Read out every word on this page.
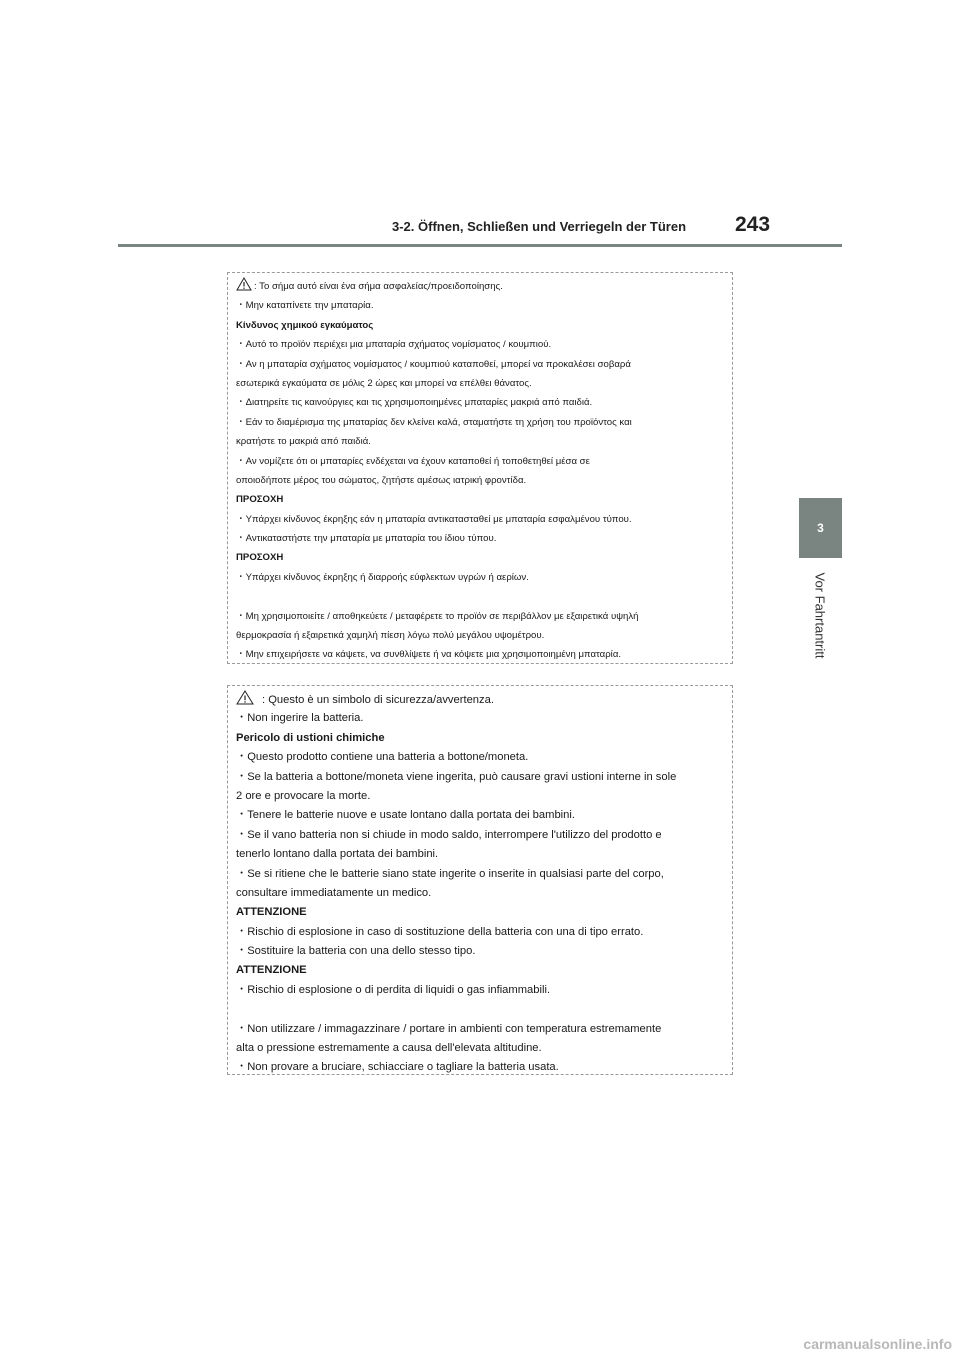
3-2. Öffnen, Schließen und Verriegeln der Türen 243
3
Vor Fahrtantritt
: Το σήμα αυτό είναι ένα σήμα ασφαλείας/προειδοποίησης.
・ Μην καταπίνετε την μπαταρία.
Κίνδυνος χημικού εγκαύματος
・ Αυτό το προϊόν περιέχει μια μπαταρία σχήματος νομίσματος / κουμπιού.
・ Αν η μπαταρία σχήματος νομίσματος / κουμπιού καταποθεί, μπορεί να προκαλέσει σοβαρά
εσωτερικά εγκαύματα σε μόλις 2 ώρες και μπορεί να επέλθει θάνατος.
・ Διατηρείτε τις καινούργιες και τις χρησιμοποιημένες μπαταρίες μακριά από παιδιά.
・ Εάν το διαμέρισμα της μπαταρίας δεν κλείνει καλά, σταματήστε τη χρήση του προϊόντος και
κρατήστε το μακριά από παιδιά.
・ Αν νομίζετε ότι οι μπαταρίες ενδέχεται να έχουν καταποθεί ή τοποθετηθεί μέσα σε
οποιοδήποτε μέρος του σώματος, ζητήστε αμέσως ιατρική φροντίδα.
ΠΡΟΣΟΧΗ
・ Υπάρχει κίνδυνος έκρηξης εάν η μπαταρία αντικατασταθεί με μπαταρία εσφαλμένου τύπου.
・ Αντικαταστήστε την μπαταρία με μπαταρία του ίδιου τύπου.
ΠΡΟΣΟΧΗ
・ Υπάρχει κίνδυνος έκρηξης ή διαρροής εύφλεκτων υγρών ή αερίων.
・ Μη χρησιμοποιείτε / αποθηκεύετε / μεταφέρετε το προϊόν σε περιβάλλον με εξαιρετικά υψηλή
θερμοκρασία ή εξαιρετικά χαμηλή πίεση λόγω πολύ μεγάλου υψομέτρου.
・ Μην επιχειρήσετε να κάψετε, να συνθλίψετε ή να κόψετε μια χρησιμοποιημένη μπαταρία.
: Questo è un simbolo di sicurezza/avvertenza.
・ Non ingerire la batteria.
Pericolo di ustioni chimiche
・ Questo prodotto contiene una batteria a bottone/moneta.
・ Se la batteria a bottone/moneta viene ingerita, può causare gravi ustioni interne in sole
2 ore e provocare la morte.
・ Tenere le batterie nuove e usate lontano dalla portata dei bambini.
・ Se il vano batteria non si chiude in modo saldo, interrompere l'utilizzo del prodotto e
tenerlo lontano dalla portata dei bambini.
・ Se si ritiene che le batterie siano state ingerite o inserite in qualsiasi parte del corpo,
consultare immediatamente un medico.
ATTENZIONE
・ Rischio di esplosione in caso di sostituzione della batteria con una di tipo errato.
・ Sostituire la batteria con una dello stesso tipo.
ATTENZIONE
・ Rischio di esplosione o di perdita di liquidi o gas infiammabili.
・ Non utilizzare / immagazzinare / portare in ambienti con temperatura estremamente
alta o pressione estremamente a causa dell'elevata altitudine.
・ Non provare a bruciare, schiacciare o tagliare la batteria usata.
carmanualsonline.info
